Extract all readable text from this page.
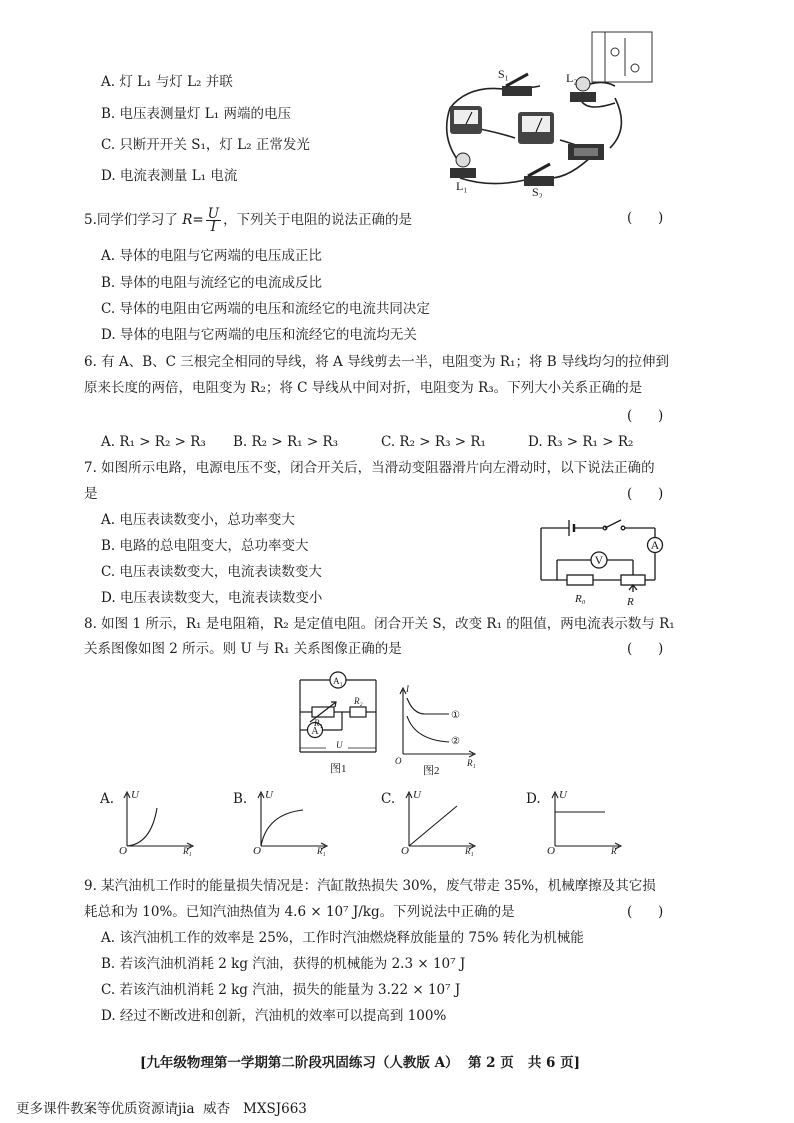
A. 灯 L₁ 与灯 L₂ 并联
B. 电压表测量灯 L₁ 两端的电压
C. 只断开开关 S₁，灯 L₂ 正常发光
D. 电流表测量 L₁ 电流
S₁	L₂
L₁	S₂
5.同学们学习了 $R= \frac{U}{I}$ ，下列关于电阻的说法正确的是	(      )
A. 导体的电阻与它两端的电压成正比
B. 导体的电阻与流经它的电流成反比
C. 导体的电阻由它两端的电压和流经它的电流共同决定
D. 导体的电阻与它两端的电压和流经它的电流均无关
6. 有 A、B、C 三根完全相同的导线，将 A 导线剪去一半，电阻变为 R₁；将 B 导线均匀的拉伸到
原来长度的两倍，电阻变为 R₂；将 C 导线从中间对折，电阻变为 R₃。下列大小关系正确的是
(      )
A. R₁ > R₂ > R₃ B. R₂ > R₁ > R₃	C. R₂ > R₃ > R₁	D. R₃ > R₁ > R₂
7. 如图所示电路，电源电压不变，闭合开关后，当滑动变阻器滑片向左滑动时，以下说法正确的
是	(      )
A. 电压表读数变小，总功率变大
B. 电路的总电阻变大，总功率变大
C. 电压表读数变大，电流表读数变大
D. 电压表读数变大，电流表读数变小
V
A
R₀	R
8. 如图 1 所示，R₁ 是电阻箱，R₂ 是定值电阻。闭合开关 S，改变 R₁ 的阻值，两电流表示数与 R₁
关系图像如图 2 所示。则 U 与 R₁ 关系图像正确的是	(      )
A₁
A
R₁
R₂
U
图1
I
O	R₁
①
②
图2
A. U
O	R₁
B. U
O	R₁
C. U
O	R₁
D. U
O	R
9. 某汽油机工作时的能量损失情况是：汽缸散热损失 30%，废气带走 35%，机械摩擦及其它损
耗总和为 10%。已知汽油热值为 4.6 × 10⁷ J/kg。下列说法中正确的是	(      )
A. 该汽油机工作的效率是 25%，工作时汽油燃烧释放能量的 75% 转化为机械能
B. 若该汽油机消耗 2 kg 汽油，获得的机械能为 2.3 × 10⁷ J
C. 若该汽油机消耗 2 kg 汽油，损失的能量为 3.22 × 10⁷ J
D. 经过不断改进和创新，汽油机的效率可以提高到 100%
[九年级物理第一学期第二阶段巩固练习（人教版 A）  第 2 页   共 6 页]
更多课件教案等优质资源请jia  威杏   MXSJ663
